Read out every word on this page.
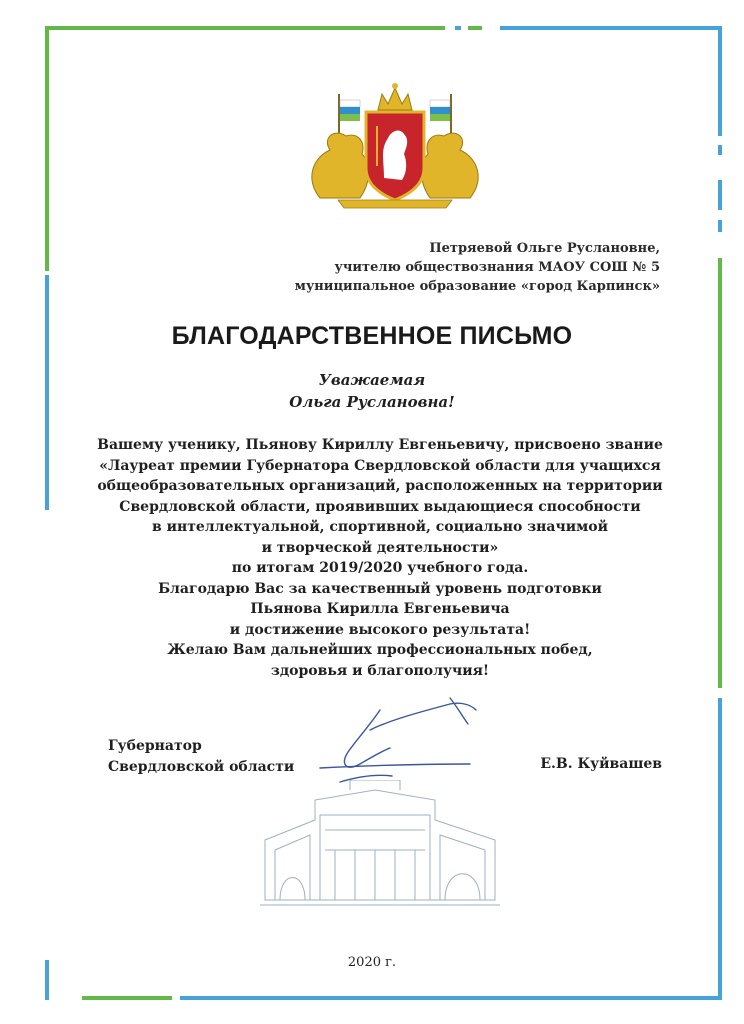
Петряевой Ольге Руслановне,
учителю обществознания МАОУ СОШ № 5
муниципальное образование «город Карпинск»
БЛАГОДАРСТВЕННОЕ ПИСЬМО
Уважаемая
Ольга Руслановна!
Вашему ученику, Пьянову Кириллу Евгеньевичу, присвоено звание
«Лауреат премии Губернатора Свердловской области для учащихся
общеобразовательных организаций, расположенных на территории
Свердловской области, проявивших выдающиеся способности
в интеллектуальной, спортивной, социально значимой
и творческой деятельности»
по итогам 2019/2020 учебного года.
Благодарю Вас за качественный уровень подготовки
Пьянова Кирилла Евгеньевича
и достижение высокого результата!
Желаю Вам дальнейших профессиональных побед,
здоровья и благополучия!
Губернатор
Свердловской области	Е.В. Куйвашев
2020 г.
